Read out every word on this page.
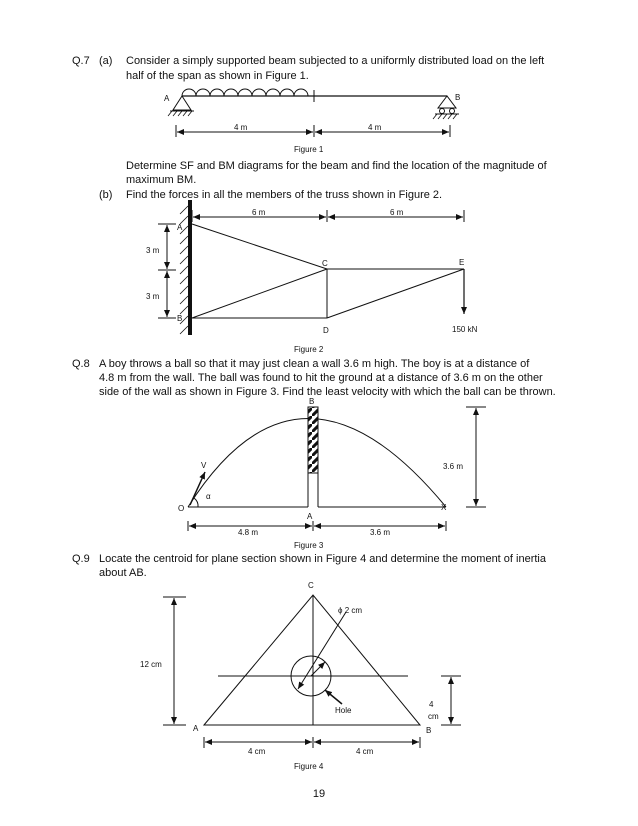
Q.7 (a) Consider a simply supported beam subjected to a uniformly distributed load on the left
half of the span as shown in Figure 1.
A	B
4 m	4 m
Figure 1
6 m	6 m
3 m
3 m
A
B
C
D
E
150 kN
Figure 2
B
V
α
O
A
X
3.6 m
4.8 m	3.6 m
Figure 3
ϕ 2 cm
Hole
C
A	B
12 cm
4
cm
4 cm	4 cm
Figure 4
Determine SF and BM diagrams for the beam and find the location of the magnitude of
maximum BM.
(b) Find the forces in all the members of the truss shown in Figure 2.
Q.8 A boy throws a ball so that it may just clean a wall 3.6 m high. The boy is at a distance of
4.8 m from the wall. The ball was found to hit the ground at a distance of 3.6 m on the other
side of the wall as shown in Figure 3. Find the least velocity with which the ball can be thrown.
Q.9 Locate the centroid for plane section shown in Figure 4 and determine the moment of inertia
about AB.
19
